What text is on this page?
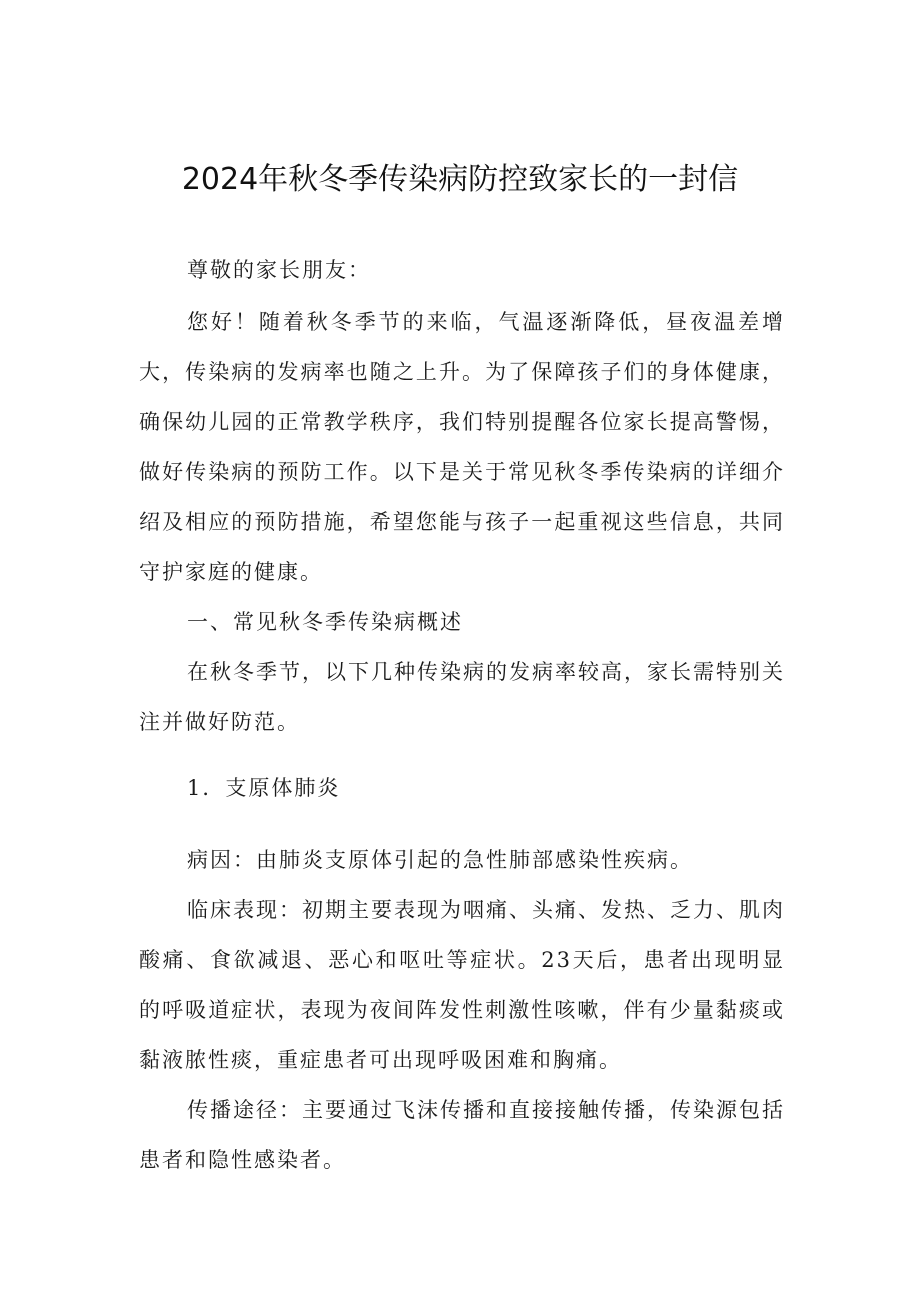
2024年秋冬季传染病防控致家长的一封信

尊敬的家长朋友：

您好！随着秋冬季节的来临，气温逐渐降低，昼夜温差增大，传染病的发病率也随之上升。为了保障孩子们的身体健康，确保幼儿园的正常教学秩序，我们特别提醒各位家长提高警惕，做好传染病的预防工作。以下是关于常见秋冬季传染病的详细介绍及相应的预防措施，希望您能与孩子一起重视这些信息，共同守护家庭的健康。

一、常见秋冬季传染病概述

在秋冬季节，以下几种传染病的发病率较高，家长需特别关注并做好防范。

1．支原体肺炎

病因：由肺炎支原体引起的急性肺部感染性疾病。

临床表现：初期主要表现为咽痛、头痛、发热、乏力、肌肉酸痛、食欲减退、恶心和呕吐等症状。23天后，患者出现明显的呼吸道症状，表现为夜间阵发性刺激性咳嗽，伴有少量黏痰或黏液脓性痰，重症患者可出现呼吸困难和胸痛。

传播途径：主要通过飞沫传播和直接接触传播，传染源包括患者和隐性感染者。
